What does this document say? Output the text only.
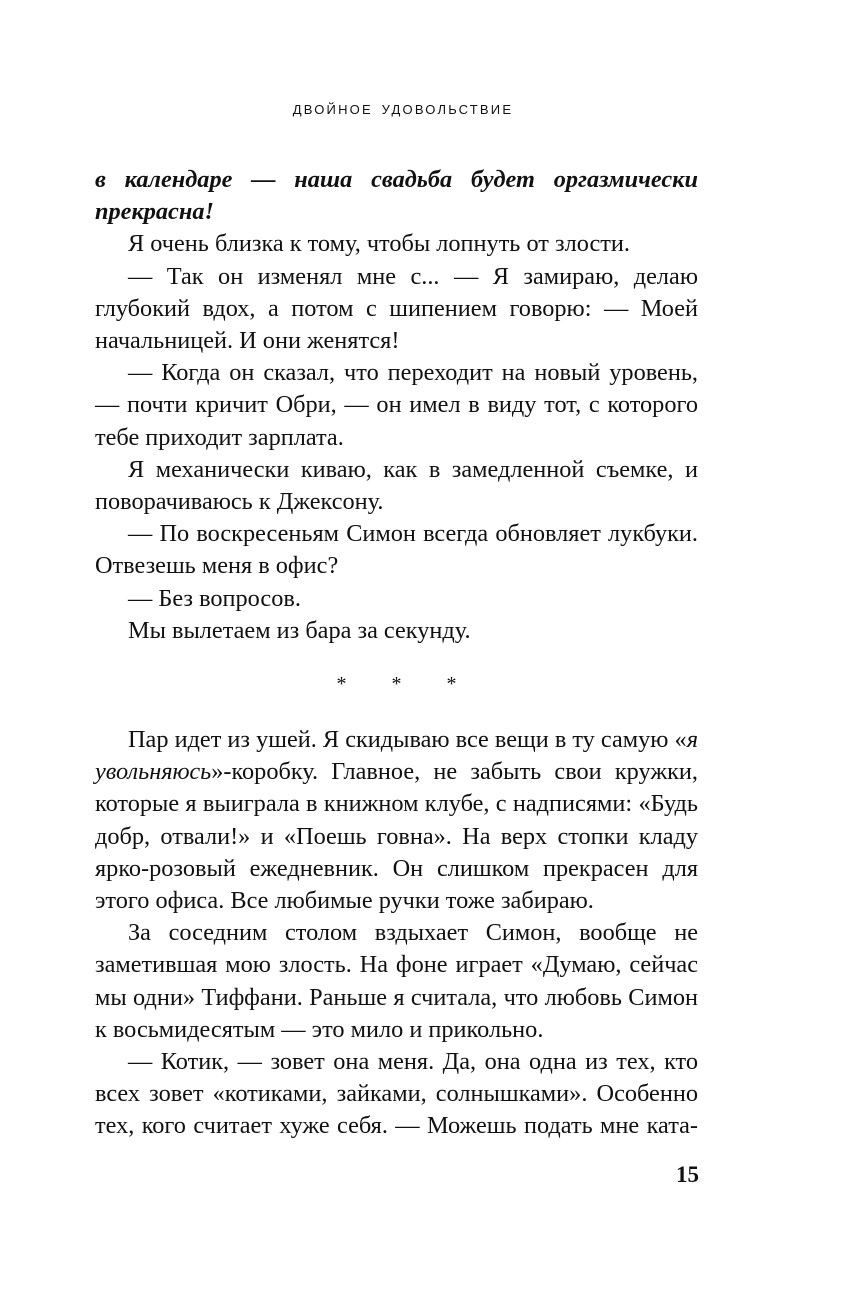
ДВОЙНОЕ УДОВОЛЬСТВИЕ

в календаре — наша свадьба будет оргазмически прекрасна!

Я очень близка к тому, чтобы лопнуть от злости.

— Так он изменял мне с... — Я замираю, делаю глубокий вдох, а потом с шипением говорю: — Моей начальницей. И они женятся!

— Когда он сказал, что переходит на новый уровень, — почти кричит Обри, — он имел в виду тот, с которого тебе приходит зарплата.

Я механически киваю, как в замедленной съемке, и поворачиваюсь к Джексону.

— По воскресеньям Симон всегда обновляет лукбуки. Отвезешь меня в офис?

— Без вопросов.

Мы вылетаем из бара за секунду.

* * *

Пар идет из ушей. Я скидываю все вещи в ту самую «я увольняюсь»-коробку. Главное, не забыть свои кружки, которые я выиграла в книжном клубе, с надписями: «Будь добр, отвали!» и «Поешь говна». На верх стопки кладу ярко-розовый ежедневник. Он слишком прекрасен для этого офиса. Все любимые ручки тоже забираю.

За соседним столом вздыхает Симон, вообще не заметившая мою злость. На фоне играет «Думаю, сейчас мы одни» Тиффани. Раньше я считала, что любовь Симон к восьмидесятым — это мило и прикольно.

— Котик, — зовет она меня. Да, она одна из тех, кто всех зовет «котиками, зайками, солнышками». Особенно тех, кого считает хуже себя. — Можешь подать мне ката-

15
